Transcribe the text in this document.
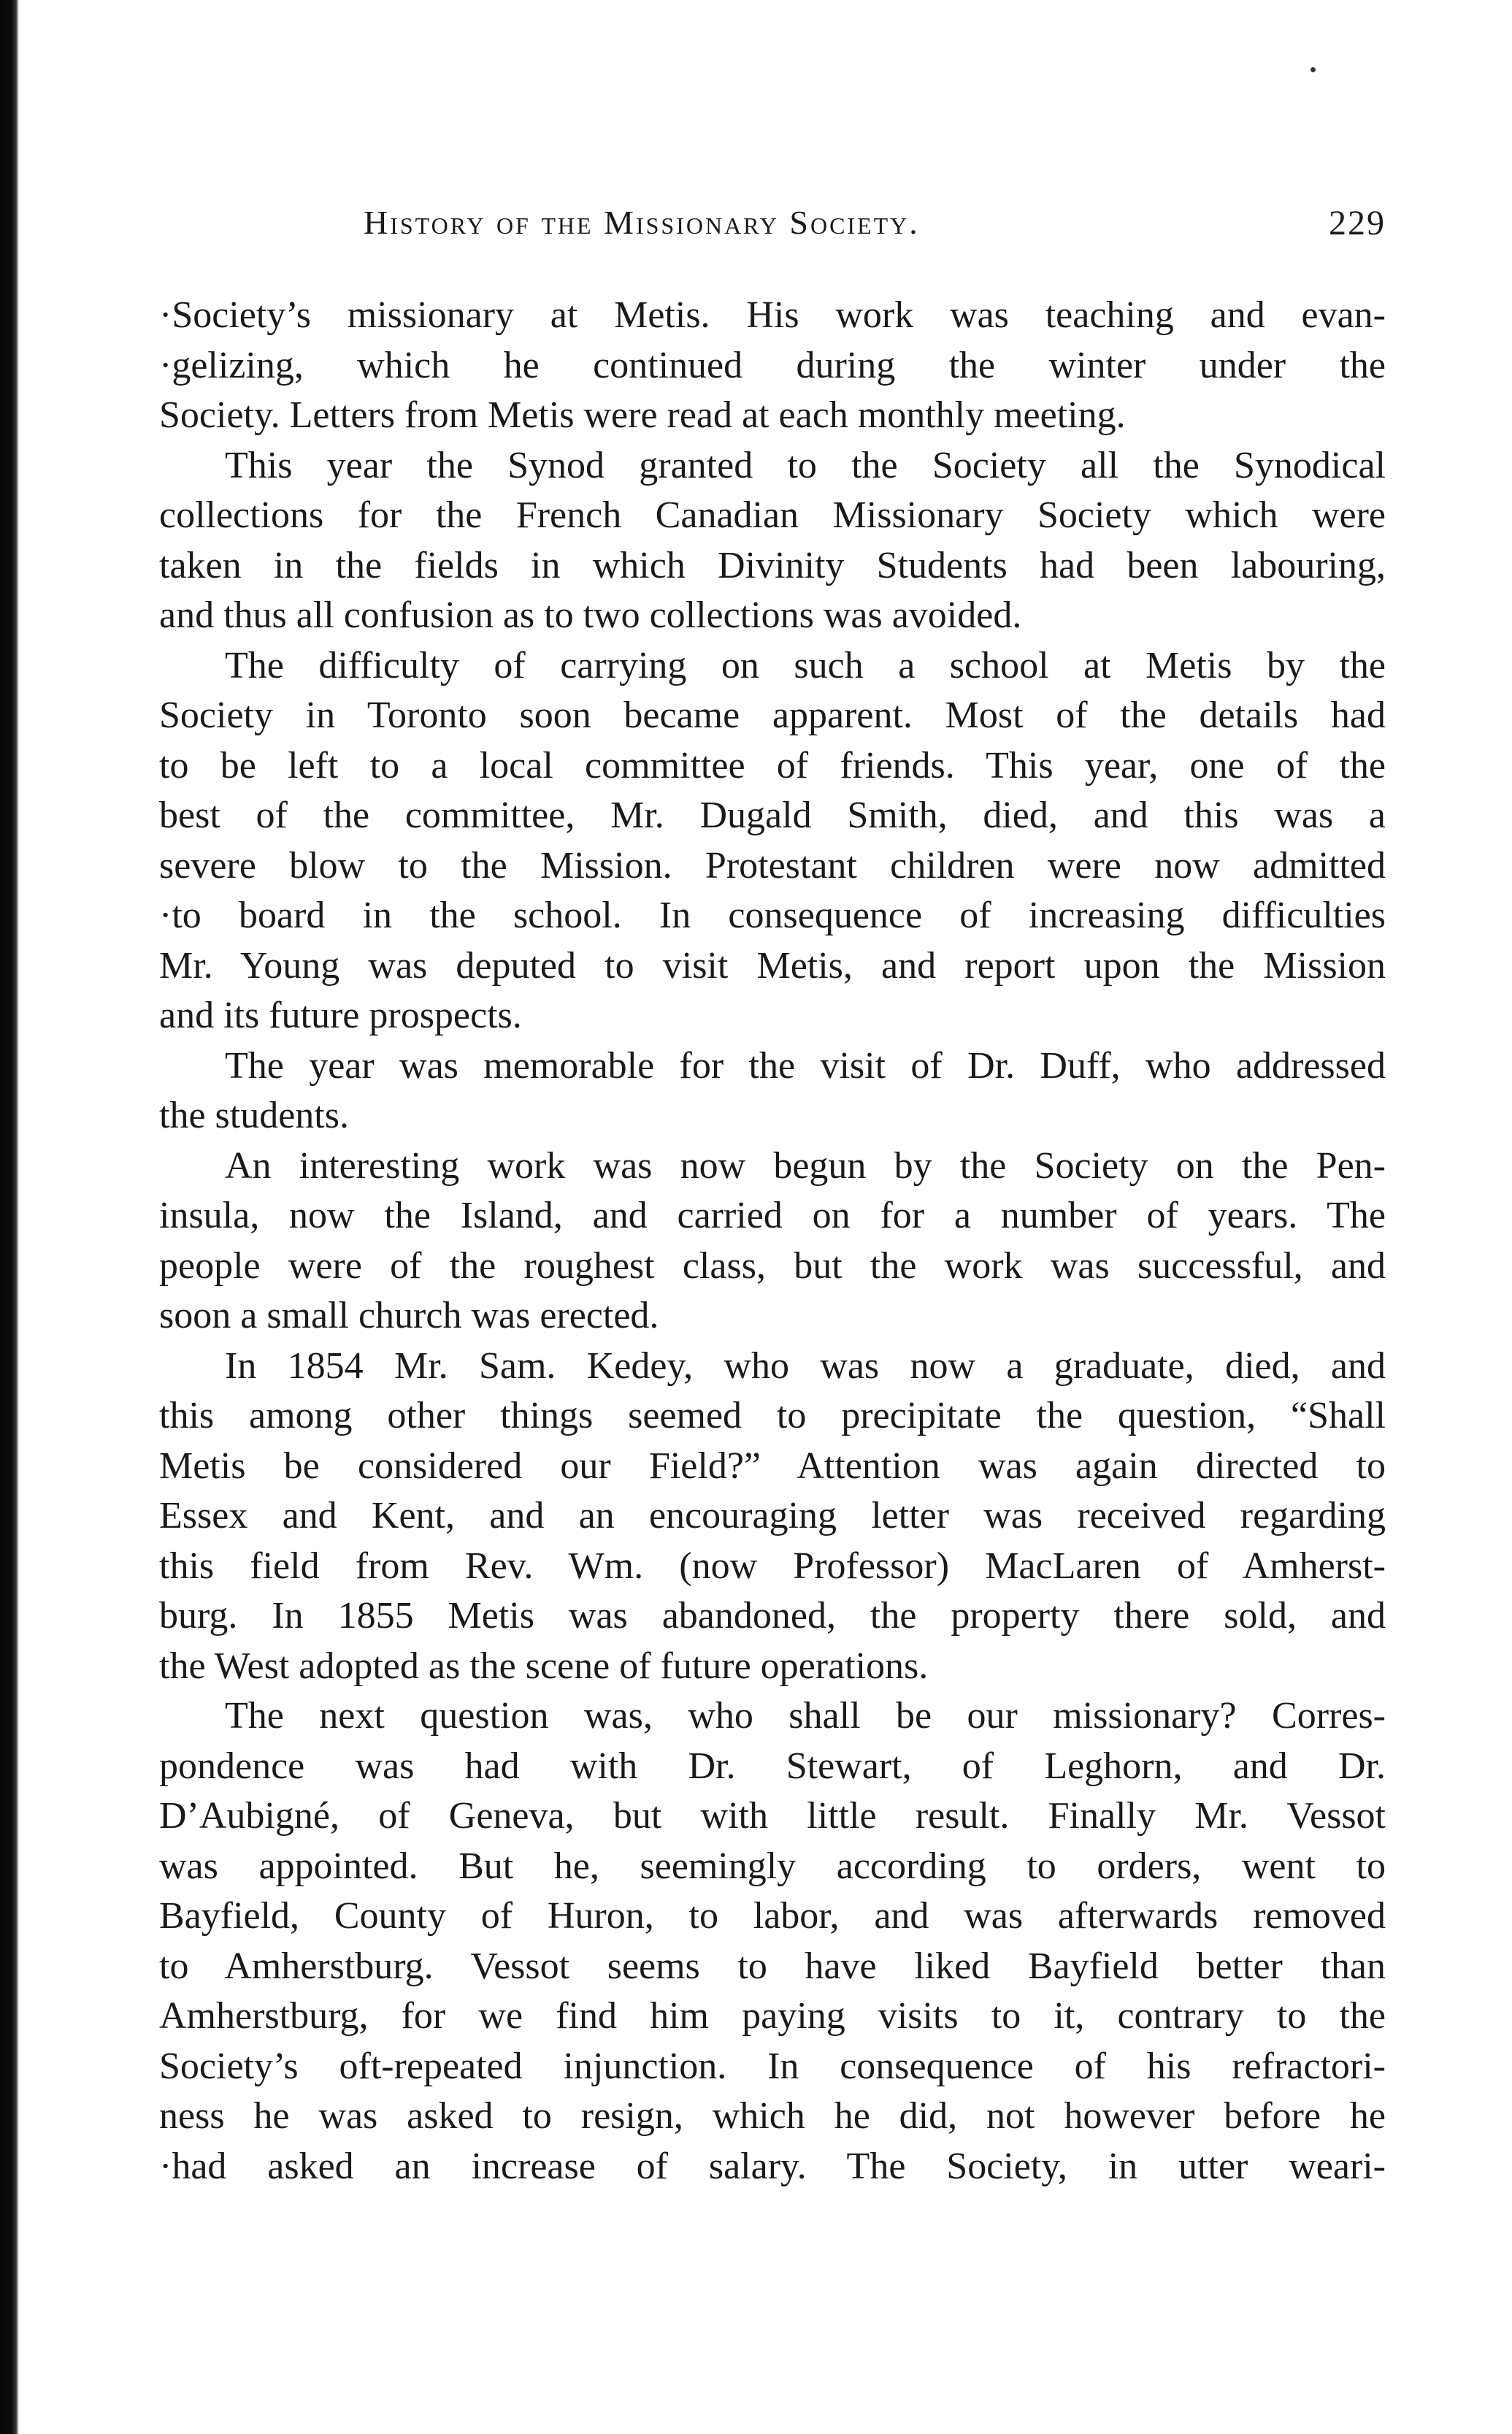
History of the Missionary Society.	229
·Society’s missionary at Metis. His work was teaching and evan-
·gelizing, which he continued during the winter under the
Society. Letters from Metis were read at each monthly meeting.
This year the Synod granted to the Society all the Synodical
collections for the French Canadian Missionary Society which were
taken in the fields in which Divinity Students had been labouring,
and thus all confusion as to two collections was avoided.
The difficulty of carrying on such a school at Metis by the
Society in Toronto soon became apparent. Most of the details had
to be left to a local committee of friends. This year, one of the
best of the committee, Mr. Dugald Smith, died, and this was a
severe blow to the Mission. Protestant children were now admitted
·to board in the school. In consequence of increasing difficulties
Mr. Young was deputed to visit Metis, and report upon the Mission
and its future prospects.
The year was memorable for the visit of Dr. Duff, who addressed
the students.
An interesting work was now begun by the Society on the Pen-
insula, now the Island, and carried on for a number of years. The
people were of the roughest class, but the work was successful, and
soon a small church was erected.
In 1854 Mr. Sam. Kedey, who was now a graduate, died, and
this among other things seemed to precipitate the question, “Shall
Metis be considered our Field?” Attention was again directed to
Essex and Kent, and an encouraging letter was received regarding
this field from Rev. Wm. (now Professor) MacLaren of Amherst-
burg. In 1855 Metis was abandoned, the property there sold, and
the West adopted as the scene of future operations.
The next question was, who shall be our missionary? Corres-
pondence was had with Dr. Stewart, of Leghorn, and Dr.
D’Aubigné, of Geneva, but with little result. Finally Mr. Vessot
was appointed. But he, seemingly according to orders, went to
Bayfield, County of Huron, to labor, and was afterwards removed
to Amherstburg. Vessot seems to have liked Bayfield better than
Amherstburg, for we find him paying visits to it, contrary to the
Society’s oft-repeated injunction. In consequence of his refractori-
ness he was asked to resign, which he did, not however before he
·had asked an increase of salary. The Society, in utter weari-
